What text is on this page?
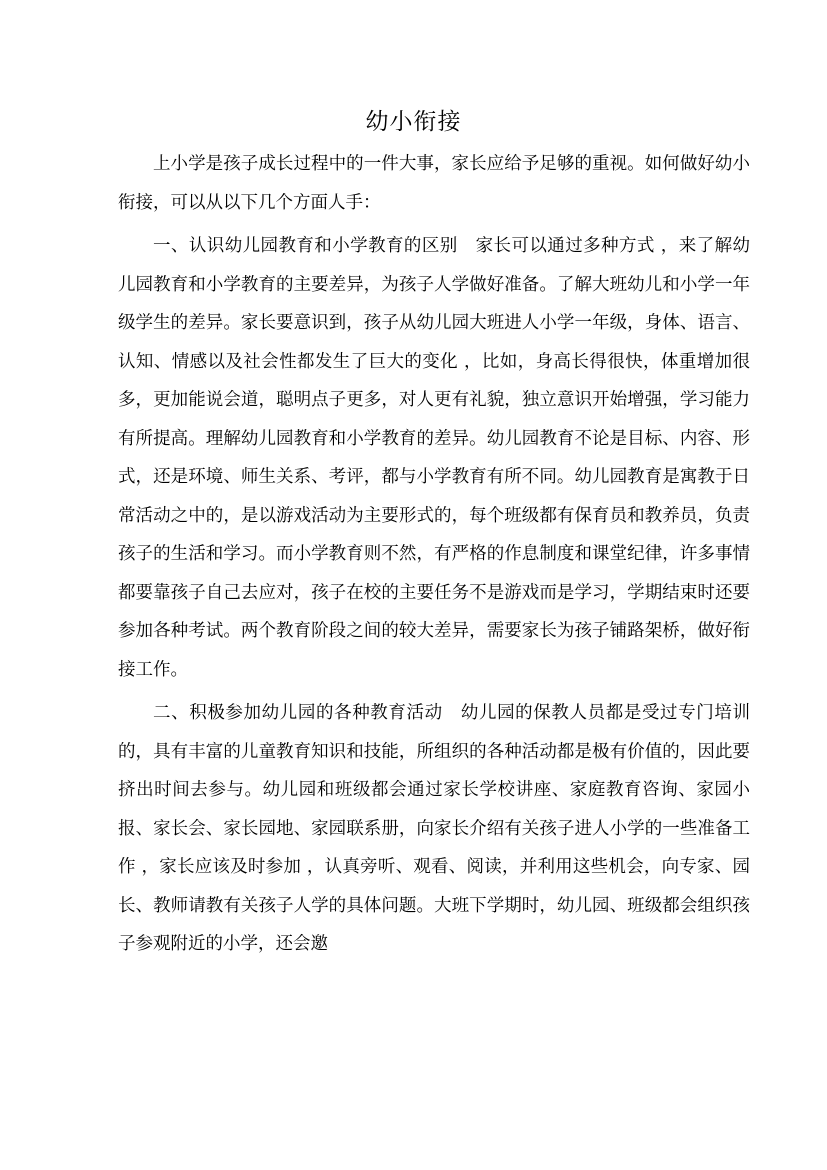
幼小衔接

上小学是孩子成长过程中的一件大事，家长应给予足够的重视。如何做好幼小衔接，可以从以下几个方面人手：

一、认识幼儿园教育和小学教育的区别　家长可以通过多种方式 ，来了解幼儿园教育和小学教育的主要差异，为孩子人学做好准备。了解大班幼儿和小学一年级学生的差异。家长要意识到，孩子从幼儿园大班进人小学一年级，身体、语言、认知、情感以及社会性都发生了巨大的变化 ，比如，身高长得很快，体重增加很多，更加能说会道，聪明点子更多，对人更有礼貌，独立意识开始增强，学习能力有所提高。理解幼儿园教育和小学教育的差异。幼儿园教育不论是目标、内容、形式，还是环境、师生关系、考评，都与小学教育有所不同。幼儿园教育是寓教于日常活动之中的，是以游戏活动为主要形式的，每个班级都有保育员和教养员，负责孩子的生活和学习。而小学教育则不然，有严格的作息制度和课堂纪律，许多事情都要靠孩子自己去应对，孩子在校的主要任务不是游戏而是学习，学期结束时还要参加各种考试。两个教育阶段之间的较大差异，需要家长为孩子铺路架桥，做好衔接工作。

二、积极参加幼儿园的各种教育活动　幼儿园的保教人员都是受过专门培训的，具有丰富的儿童教育知识和技能，所组织的各种活动都是极有价值的，因此要挤出时间去参与。幼儿园和班级都会通过家长学校讲座、家庭教育咨询、家园小报、家长会、家长园地、家园联系册，向家长介绍有关孩子进人小学的一些准备工作 ，家长应该及时参加 ，认真旁听、观看、阅读，并利用这些机会，向专家、园长、教师请教有关孩子人学的具体问题。大班下学期时，幼儿园、班级都会组织孩子参观附近的小学，还会邀
